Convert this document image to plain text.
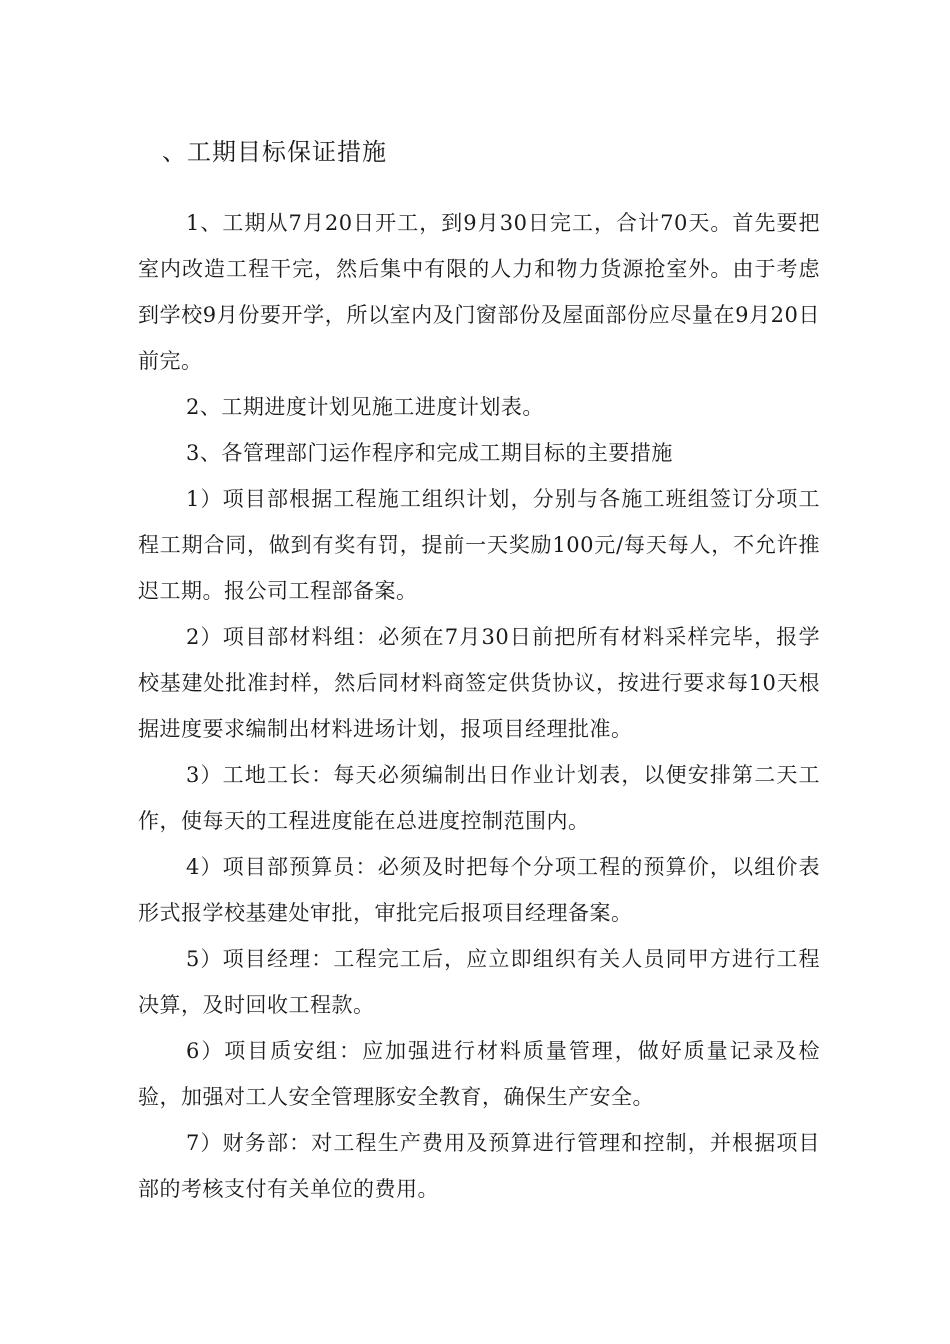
、工期目标保证措施

1、工期从7月20日开工，到9月30日完工，合计70天。首先要把室内改造工程干完，然后集中有限的人力和物力货源抢室外。由于考虑到学校9月份要开学，所以室内及门窗部份及屋面部份应尽量在9月20日前完。

2、工期进度计划见施工进度计划表。

3、各管理部门运作程序和完成工期目标的主要措施

1）项目部根据工程施工组织计划，分别与各施工班组签订分项工程工期合同，做到有奖有罚，提前一天奖励100元/每天每人，不允许推迟工期。报公司工程部备案。

2）项目部材料组：必须在7月30日前把所有材料采样完毕，报学校基建处批准封样，然后同材料商签定供货协议，按进行要求每10天根据进度要求编制出材料进场计划，报项目经理批准。

3）工地工长：每天必须编制出日作业计划表，以便安排第二天工作，使每天的工程进度能在总进度控制范围内。

4）项目部预算员：必须及时把每个分项工程的预算价，以组价表形式报学校基建处审批，审批完后报项目经理备案。

5）项目经理：工程完工后，应立即组织有关人员同甲方进行工程决算，及时回收工程款。

6）项目质安组：应加强进行材料质量管理，做好质量记录及检验，加强对工人安全管理豚安全教育，确保生产安全。

7）财务部：对工程生产费用及预算进行管理和控制，并根据项目部的考核支付有关单位的费用。
